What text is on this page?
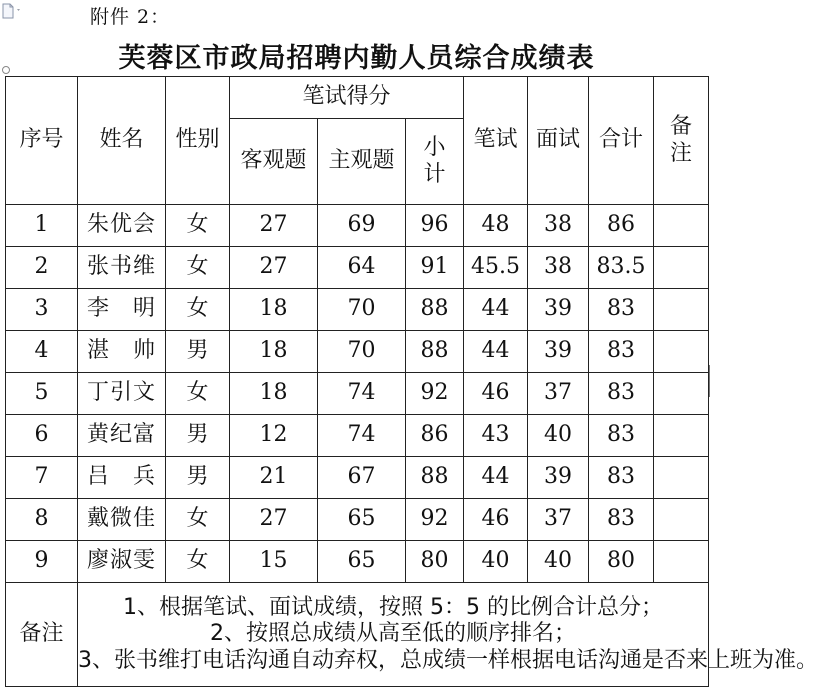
附件 2：
芙蓉区市政局招聘内勤人员综合成绩表
序号	姓名	性别	笔试得分			笔试	面试	合计	备
注

			客观题	主观题	小
计				

1	朱优会	女	27	69	96	48	38	86	
2	张书维	女	27	64	91	45.5	38	83.5	
3	李　明	女	18	70	88	44	39	83	
4	湛　帅	男	18	70	88	44	39	83	
5	丁引文	女	18	74	92	46	37	83	
6	黄纪富	男	12	74	86	43	40	83	
7	吕　兵	男	21	67	88	44	39	83	
8	戴微佳	女	27	65	92	46	37	83	
9	廖淑雯	女	15	65	80	40	40	80	
备注	1、根据笔试、面试成绩，按照 5：5 的比例合计总分；
2、按照总成绩从高至低的顺序排名；
3、张书维打电话沟通自动弃权，总成绩一样根据电话沟通是否来上班为准。								
